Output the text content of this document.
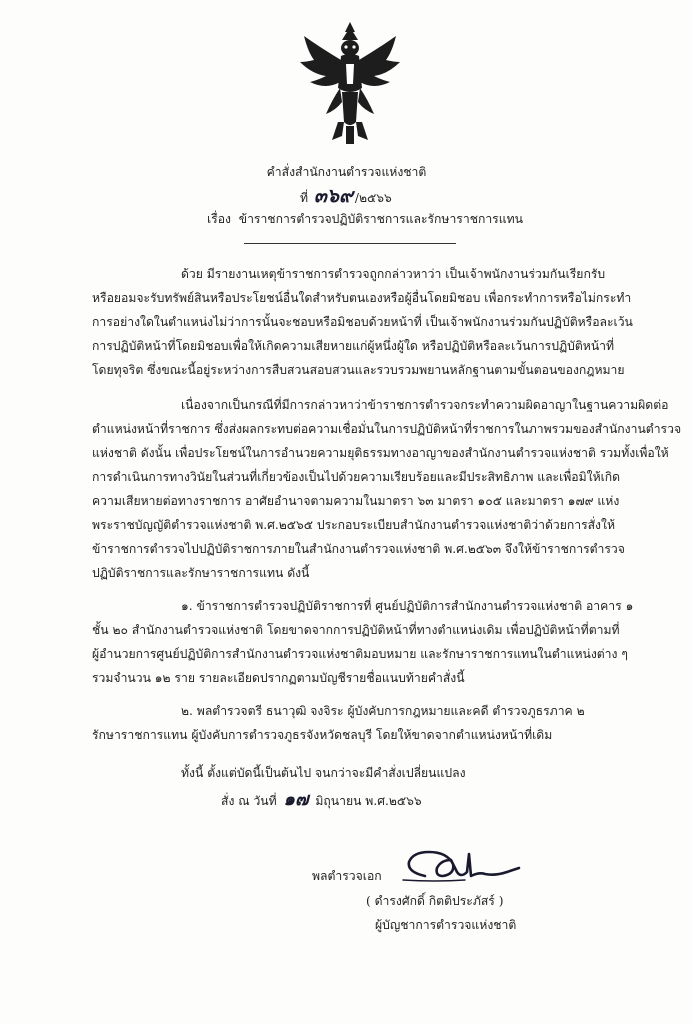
คำสั่งสำนักงานตำรวจแห่งชาติ
ที่ ๓๖๙ /๒๕๖๖
เรื่อง ข้าราชการตำรวจปฏิบัติราชการและรักษาราชการแทน
ด้วย มีรายงานเหตุข้าราชการตำรวจถูกกล่าวหาว่า เป็นเจ้าพนักงานร่วมกันเรียกรับ
หรือยอมจะรับทรัพย์สินหรือประโยชน์อื่นใดสำหรับตนเองหรือผู้อื่นโดยมิชอบ เพื่อกระทำการหรือไม่กระทำ
การอย่างใดในตำแหน่งไม่ว่าการนั้นจะชอบหรือมิชอบด้วยหน้าที่ เป็นเจ้าพนักงานร่วมกันปฏิบัติหรือละเว้น
การปฏิบัติหน้าที่โดยมิชอบเพื่อให้เกิดความเสียหายแก่ผู้หนึ่งผู้ใด หรือปฏิบัติหรือละเว้นการปฏิบัติหน้าที่
โดยทุจริต ซึ่งขณะนี้อยู่ระหว่างการสืบสวนสอบสวนและรวบรวมพยานหลักฐานตามขั้นตอนของกฎหมาย
เนื่องจากเป็นกรณีที่มีการกล่าวหาว่าข้าราชการตำรวจกระทำความผิดอาญาในฐานความผิดต่อ
ตำแหน่งหน้าที่ราชการ ซึ่งส่งผลกระทบต่อความเชื่อมั่นในการปฏิบัติหน้าที่ราชการในภาพรวมของสำนักงานตำรวจ
แห่งชาติ ดังนั้น เพื่อประโยชน์ในการอำนวยความยุติธรรมทางอาญาของสำนักงานตำรวจแห่งชาติ รวมทั้งเพื่อให้
การดำเนินการทางวินัยในส่วนที่เกี่ยวข้องเป็นไปด้วยความเรียบร้อยและมีประสิทธิภาพ และเพื่อมิให้เกิด
ความเสียหายต่อทางราชการ อาศัยอำนาจตามความในมาตรา ๖๓ มาตรา ๑๐๕ และมาตรา ๑๗๙ แห่ง
พระราชบัญญัติตำรวจแห่งชาติ พ.ศ.๒๕๖๕ ประกอบระเบียบสำนักงานตำรวจแห่งชาติว่าด้วยการสั่งให้
ข้าราชการตำรวจไปปฏิบัติราชการภายในสำนักงานตำรวจแห่งชาติ พ.ศ.๒๕๖๓ จึงให้ข้าราชการตำรวจ
ปฏิบัติราชการและรักษาราชการแทน ดังนี้
๑. ข้าราชการตำรวจปฏิบัติราชการที่ ศูนย์ปฏิบัติการสำนักงานตำรวจแห่งชาติ อาคาร ๑
ชั้น ๒๐ สำนักงานตำรวจแห่งชาติ โดยขาดจากการปฏิบัติหน้าที่ทางตำแหน่งเดิม เพื่อปฏิบัติหน้าที่ตามที่
ผู้อำนวยการศูนย์ปฏิบัติการสำนักงานตำรวจแห่งชาติมอบหมาย และรักษาราชการแทนในตำแหน่งต่าง ๆ
รวมจำนวน ๑๒ ราย รายละเอียดปรากฏตามบัญชีรายชื่อแนบท้ายคำสั่งนี้
๒. พลตำรวจตรี ธนาวุฒิ จงจิระ ผู้บังคับการกฎหมายและคดี ตำรวจภูธรภาค ๒
รักษาราชการแทน ผู้บังคับการตำรวจภูธรจังหวัดชลบุรี โดยให้ขาดจากตำแหน่งหน้าที่เดิม
ทั้งนี้ ตั้งแต่บัดนี้เป็นต้นไป จนกว่าจะมีคำสั่งเปลี่ยนแปลง
สั่ง ณ วันที่ ๑๗ มิถุนายน พ.ศ.๒๕๖๖
พลตำรวจเอก
( ดำรงศักดิ์ กิตติประภัสร์ )
ผู้บัญชาการตำรวจแห่งชาติ
